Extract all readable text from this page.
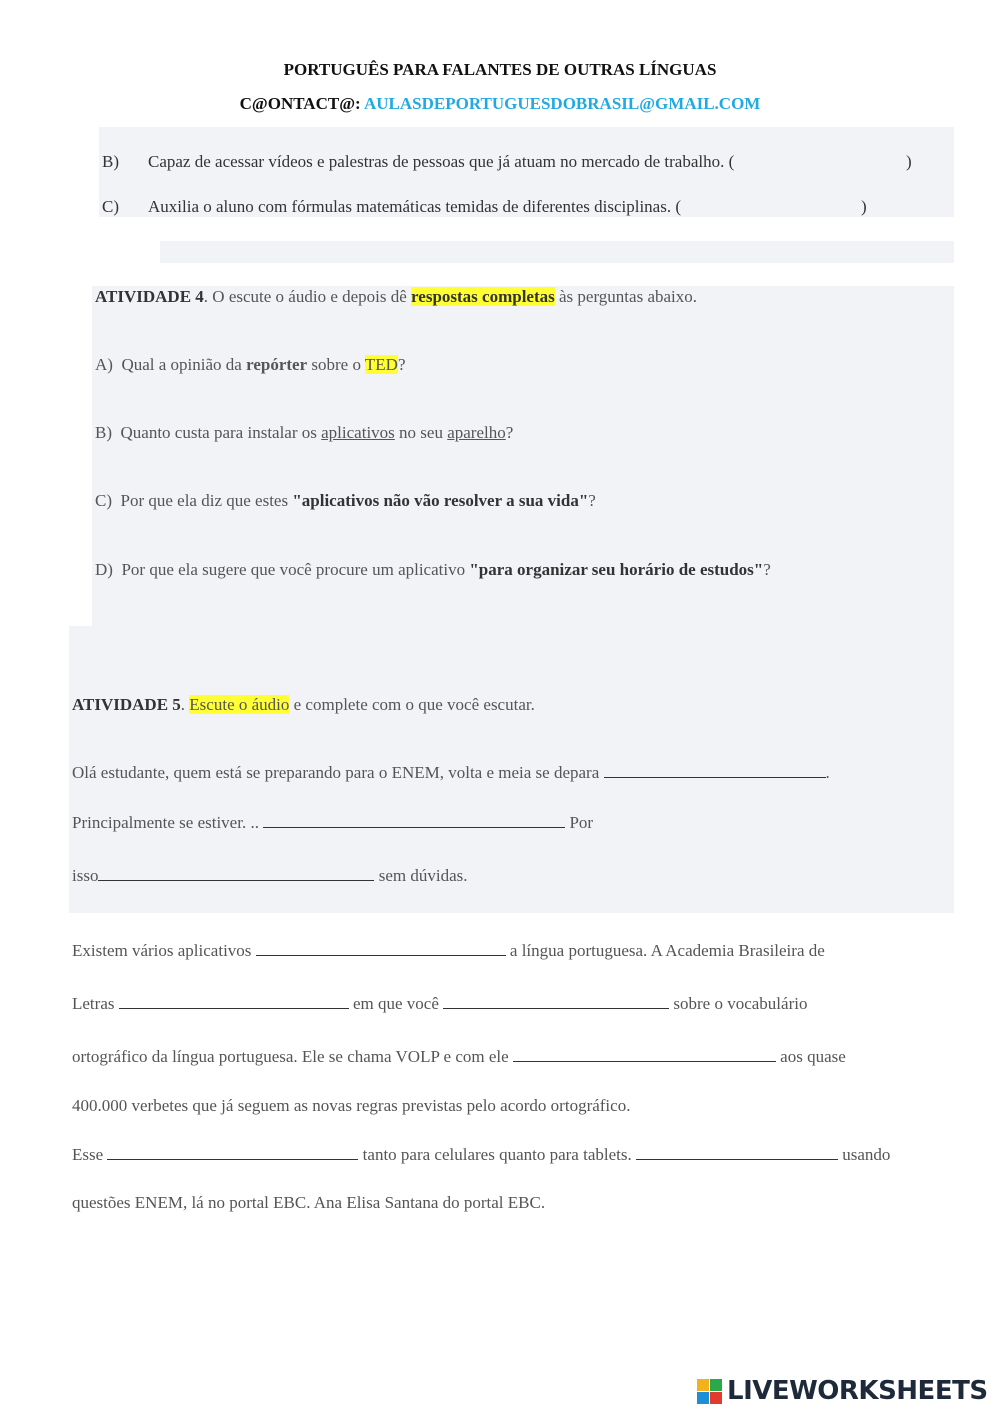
PORTUGUÊS PARA FALANTES DE OUTRAS LÍNGUAS
C@ONTACT@: AULASDEPORTUGUESDOBRASIL@GMAIL.COM
B) Capaz de acessar vídeos e palestras de pessoas que já atuam no mercado de trabalho. (	)
C) Auxilia o aluno com fórmulas matemáticas temidas de diferentes disciplinas. (	)
ATIVIDADE 4. O escute o áudio e depois dê respostas completas às perguntas abaixo.
A) Qual a opinião da repórter sobre o TED?
B) Quanto custa para instalar os aplicativos no seu aparelho?
C) Por que ela diz que estes "aplicativos não vão resolver a sua vida"?
D) Por que ela sugere que você procure um aplicativo "para organizar seu horário de estudos"?
ATIVIDADE 5. Escute o áudio e complete com o que você escutar.
Olá estudante, quem está se preparando para o ENEM, volta e meia se depara	.
Principalmente se estiver. ..	Por
isso	sem dúvidas.
Existem vários aplicativos	a língua portuguesa. A Academia Brasileira de
Letras	em que você	sobre o vocabulário
ortográfico da língua portuguesa. Ele se chama VOLP e com ele	aos quase
400.000 verbetes que já seguem as novas regras previstas pelo acordo ortográfico.
Esse	tanto para celulares quanto para tablets.	usando
questões ENEM, lá no portal EBC. Ana Elisa Santana do portal EBC.
LIVEWORKSHEETS
